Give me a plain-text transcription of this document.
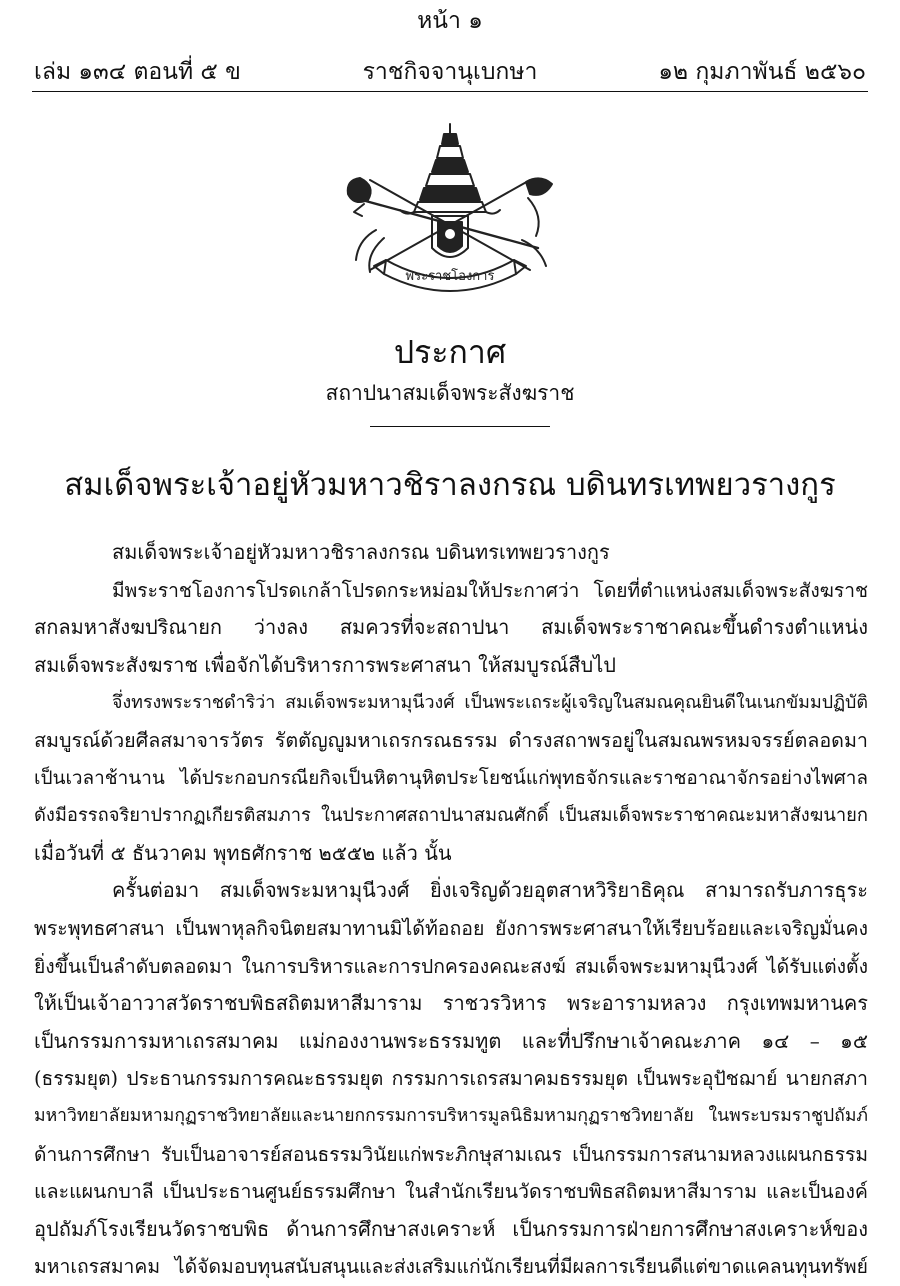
หน้า ๑
เล่ม ๑๓๔ ตอนที่ ๕ ข	ราชกิจจานุเบกษา	๑๒ กุมภาพันธ์ ๒๕๖๐
พระราชโองการ
ประกาศ
สถาปนาสมเด็จพระสังฆราช
สมเด็จพระเจ้าอยู่หัวมหาวชิราลงกรณ บดินทรเทพยวรางกูร
สมเด็จพระเจ้าอยู่หัวมหาวชิราลงกรณ บดินทรเทพยวรางกูร
มีพระราชโองการโปรดเกล้าโปรดกระหม่อมให้ประกาศว่า โดยที่ตำแหน่งสมเด็จพระสังฆราช
สกลมหาสังฆปริณายก ว่างลง สมควรที่จะสถาปนา สมเด็จพระราชาคณะขึ้นดำรงตำแหน่ง
สมเด็จพระสังฆราช เพื่อจักได้บริหารการพระศาสนา ให้สมบูรณ์สืบไป
จึ่งทรงพระราชดำริว่า สมเด็จพระมหามุนีวงศ์ เป็นพระเถระผู้เจริญในสมณคุณยินดีในเนกขัมมปฏิบัติ
สมบูรณ์ด้วยศีลสมาจารวัตร รัตตัญญูมหาเถรกรณธรรม ดำรงสถาพรอยู่ในสมณพรหมจรรย์ตลอดมา
เป็นเวลาช้านาน ได้ประกอบกรณียกิจเป็นหิตานุหิตประโยชน์แก่พุทธจักรและราชอาณาจักรอย่างไพศาล
ดังมีอรรถจริยาปรากฏเกียรติสมภาร ในประกาศสถาปนาสมณศักดิ์ เป็นสมเด็จพระราชาคณะมหาสังฆนายก
เมื่อวันที่ ๕ ธันวาคม พุทธศักราช ๒๕๕๒ แล้ว นั้น
ครั้นต่อมา สมเด็จพระมหามุนีวงศ์ ยิ่งเจริญด้วยอุตสาหวิริยาธิคุณ สามารถรับภารธุระ
พระพุทธศาสนา เป็นพาหุลกิจนิตยสมาทานมิได้ท้อถอย ยังการพระศาสนาให้เรียบร้อยและเจริญมั่นคง
ยิ่งขึ้นเป็นลำดับตลอดมา ในการบริหารและการปกครองคณะสงฆ์ สมเด็จพระมหามุนีวงศ์ ได้รับแต่งตั้ง
ให้เป็นเจ้าอาวาสวัดราชบพิธสถิตมหาสีมาราม ราชวรวิหาร พระอารามหลวง กรุงเทพมหานคร
เป็นกรรมการมหาเถรสมาคม แม่กองงานพระธรรมทูต และที่ปรึกษาเจ้าคณะภาค ๑๔ – ๑๕
(ธรรมยุต) ประธานกรรมการคณะธรรมยุต กรรมการเถรสมาคมธรรมยุต เป็นพระอุปัชฌาย์ นายกสภา
มหาวิทยาลัยมหามกุฏราชวิทยาลัยและนายกกรรมการบริหารมูลนิธิมหามกุฏราชวิทยาลัย ในพระบรมราชูปถัมภ์
ด้านการศึกษา รับเป็นอาจารย์สอนธรรมวินัยแก่พระภิกษุสามเณร เป็นกรรมการสนามหลวงแผนกธรรม
และแผนกบาลี เป็นประธานศูนย์ธรรมศึกษา ในสำนักเรียนวัดราชบพิธสถิตมหาสีมาราม และเป็นองค์
อุปถัมภ์โรงเรียนวัดราชบพิธ ด้านการศึกษาสงเคราะห์ เป็นกรรมการฝ่ายการศึกษาสงเคราะห์ของ
มหาเถรสมาคม ได้จัดมอบทุนสนับสนุนและส่งเสริมแก่นักเรียนที่มีผลการเรียนดีแต่ขาดแคลนทุนทรัพย์
